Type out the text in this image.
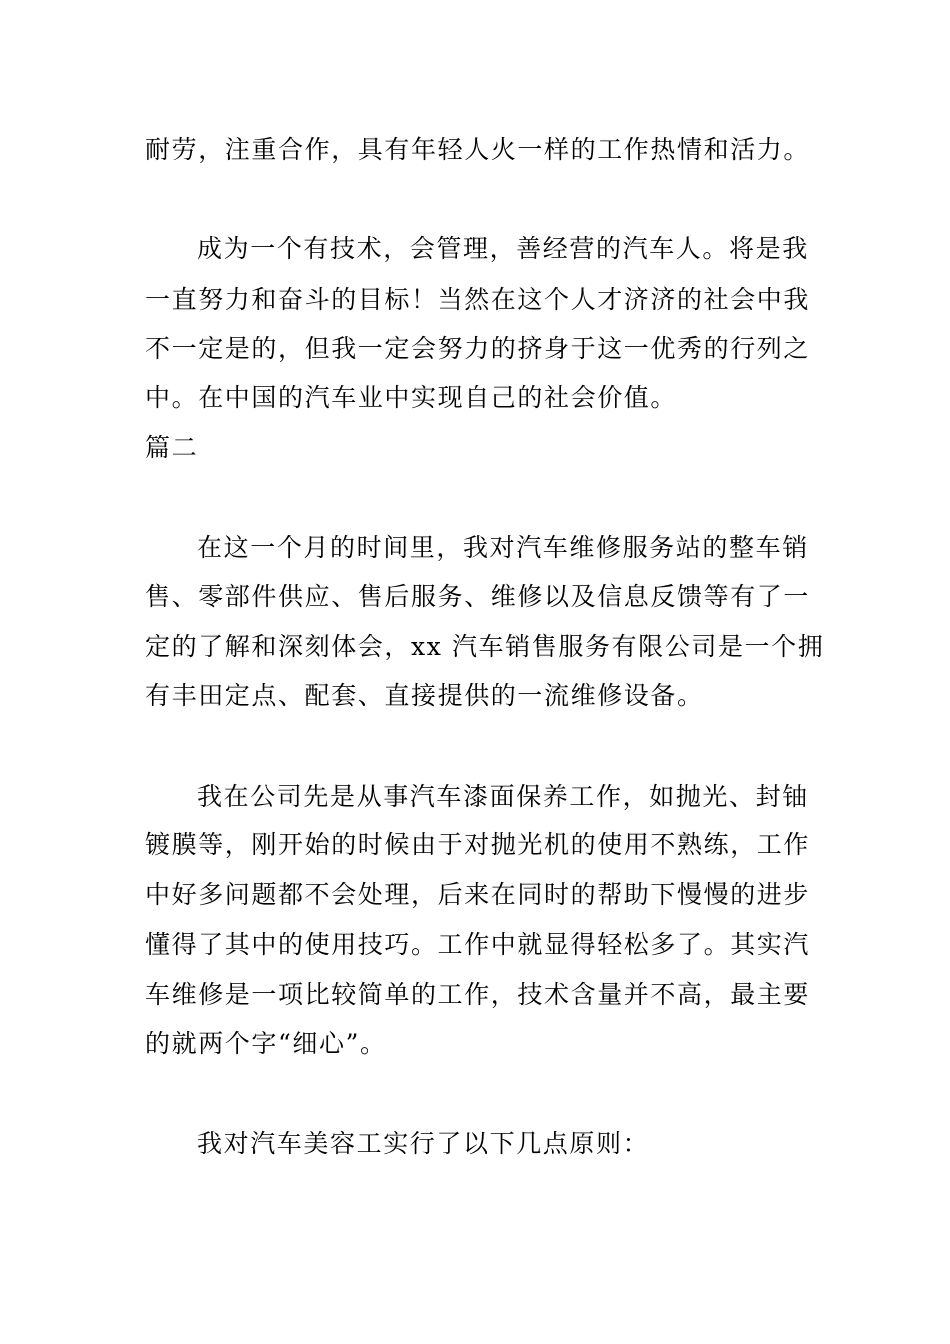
耐劳，注重合作，具有年轻人火一样的工作热情和活力。
成为一个有技术，会管理，善经营的汽车人。将是我
一直努力和奋斗的目标！当然在这个人才济济的社会中我
不一定是的，但我一定会努力的挤身于这一优秀的行列之
中。在中国的汽车业中实现自己的社会价值。
篇二
在这一个月的时间里，我对汽车维修服务站的整车销
售、零部件供应、售后服务、维修以及信息反馈等有了一
定的了解和深刻体会，xx 汽车销售服务有限公司是一个拥
有丰田定点、配套、直接提供的一流维修设备。
我在公司先是从事汽车漆面保养工作，如抛光、封铀
镀膜等，刚开始的时候由于对抛光机的使用不熟练，工作
中好多问题都不会处理，后来在同时的帮助下慢慢的进步
懂得了其中的使用技巧。工作中就显得轻松多了。其实汽
车维修是一项比较简单的工作，技术含量并不高，最主要
的就两个字“细心”。
我对汽车美容工实行了以下几点原则：
